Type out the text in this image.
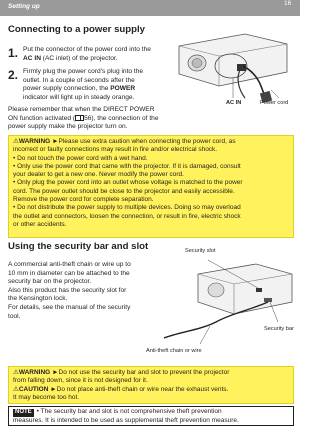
Setting up
Connecting to a power supply
1. Put the connector of the power cord into the
AC IN (AC inlet) of the projector.
2. Firmly plug the power cord’s plug into the
outlet. In a couple of seconds after the
power supply connection, the POWER
indicator will light up in steady orange.
Please remember that when the DIRECT POWER
ON function activated ( 56), the connection of the
power supply make the projector turn on.
AC IN	Power cord

⚠WARNING ►Please use extra caution when connecting the power cord, as

incorrect or faulty connections may result in fire and/or electrical shock.

• Do not touch the power cord with a wet hand.

• Only use the power cord that came with the projector. If it is damaged, consult

your dealer to get a new one. Never modify the power cord.

• Only plug the power cord into an outlet whose voltage is matched to the power

cord. The power outlet should be close to the projector and easily accessible.

Remove the power cord for complete separation.

• Do not distribute the power supply to multiple devices. Doing so may overload

the outlet and connectors, loosen the connection, or result in fire, electric shock

or other accidents.

Using the security bar and slot
A commercial anti-theft chain or wire up to
10 mm in diameter can be attached to the
security bar on the projector.
Also this product has the security slot for
the Kensington lock.
For details, see the manual of the security
tool.
Security slot
Security bar
Anti-theft chain or wire

⚠WARNING ►Do not use the security bar and slot to prevent the projector

from falling down, since it is not designed for it.

⚠CAUTION ►Do not place anti-theft chain or wire near the exhaust vents.

It may become too hot.

NOTE • The security bar and slot is not comprehensive theft prevention
measures. It is intended to be used as supplemental theft prevention measure.
16
